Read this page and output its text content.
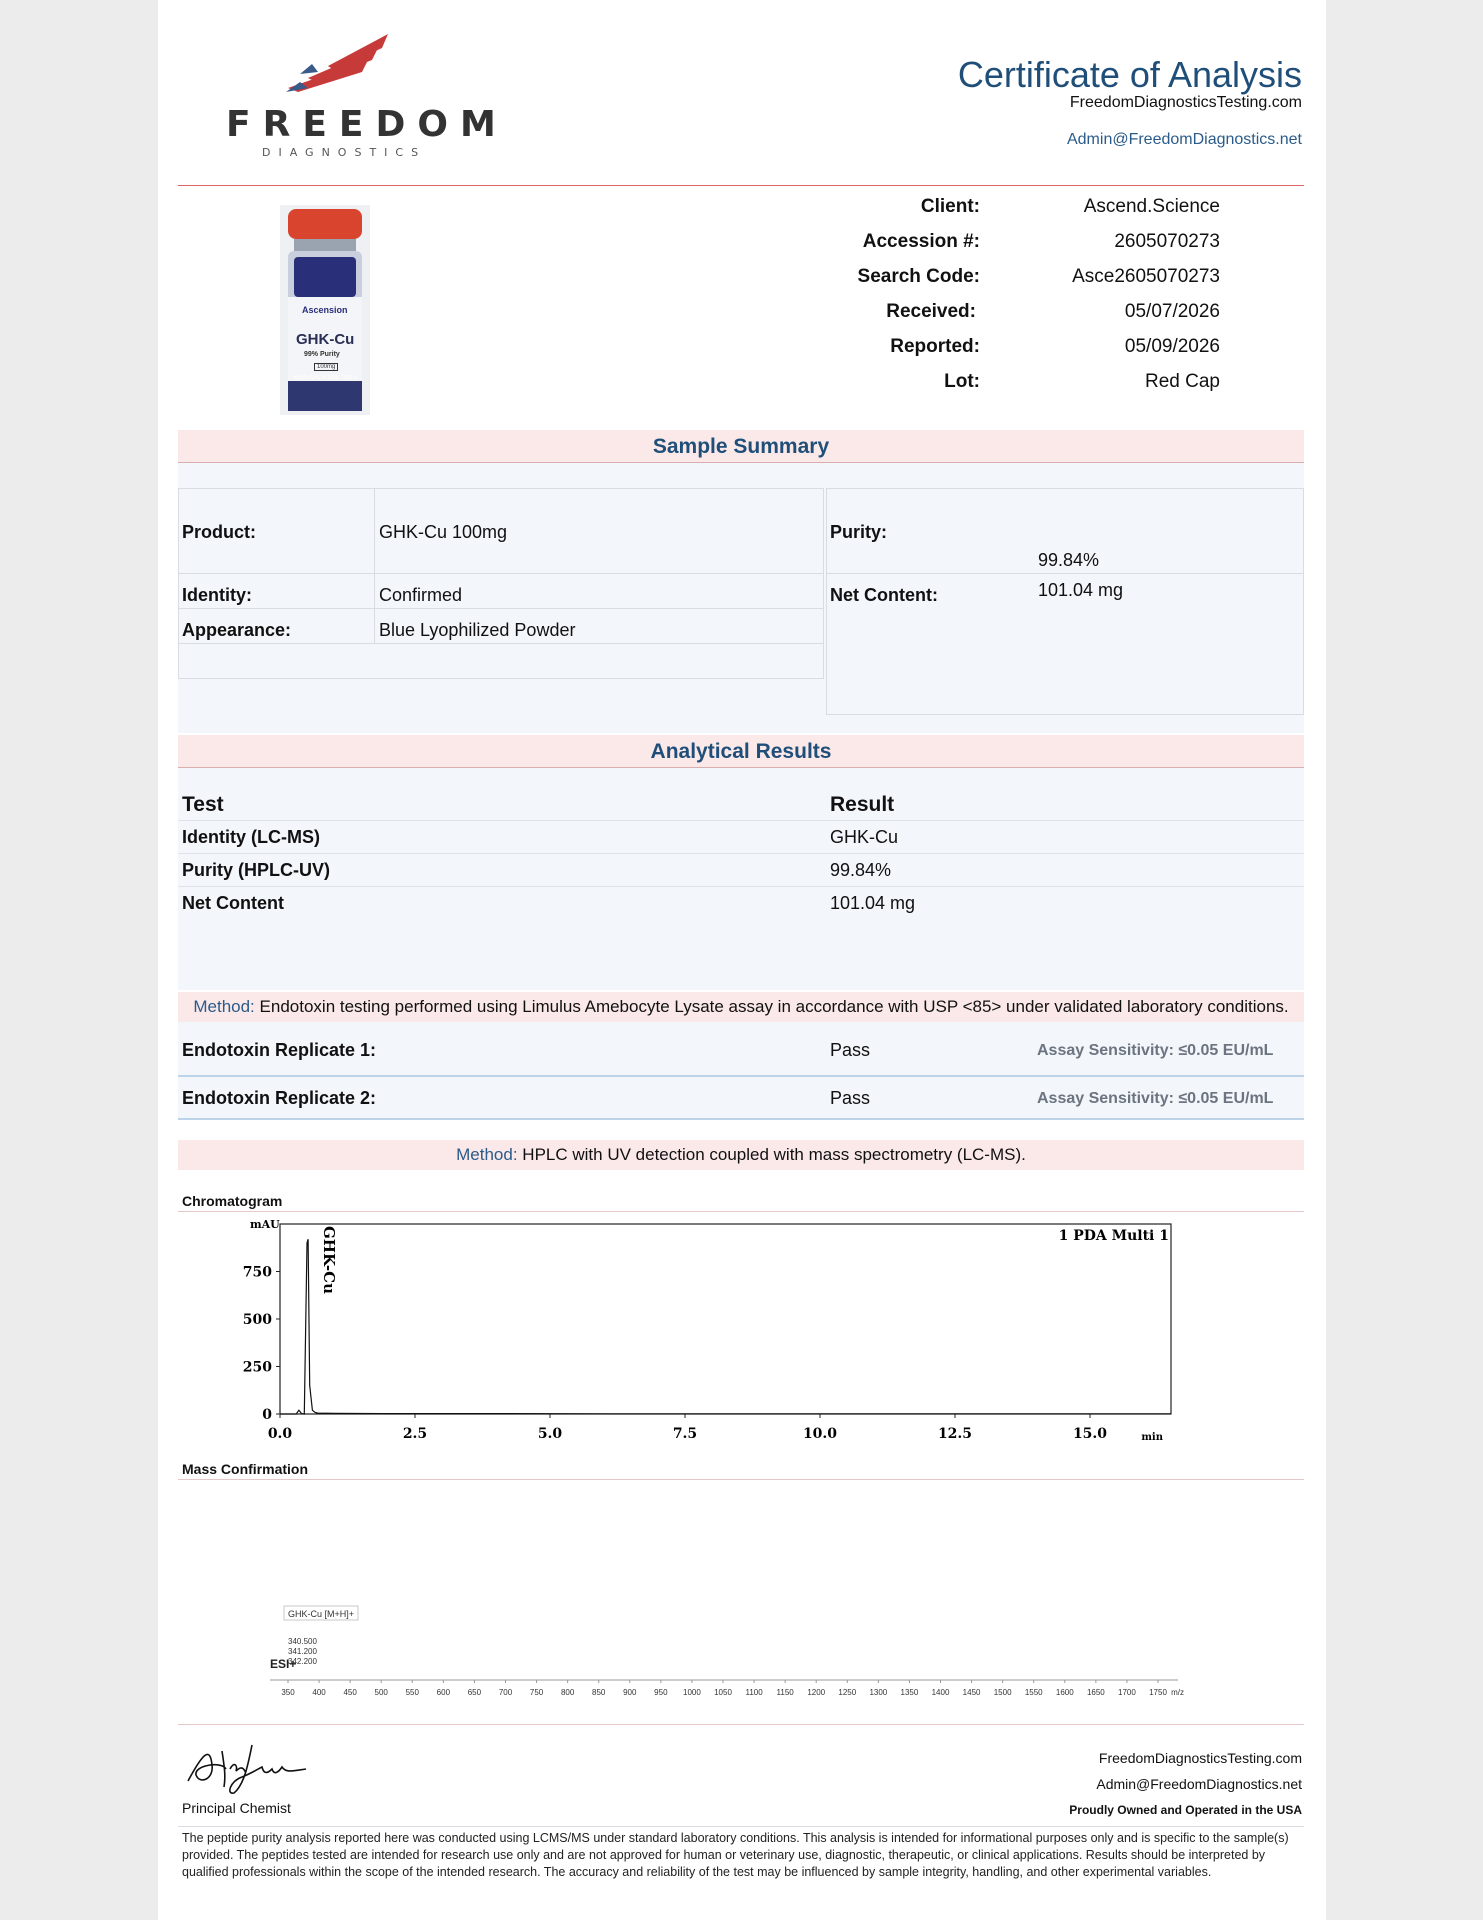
FREEDOM
DIAGNOSTICS
Certificate of Analysis
FreedomDiagnosticsTesting.com
Admin@FreedomDiagnostics.net
Ascension
GHK-Cu
99% Purity
100mg
RESEARCH USE ONLY
Client:	Ascend.Science
Accession #:	2605070273
Search Code:	Asce2605070273
Received:	05/07/2026
Reported:	05/09/2026
Lot:	Red Cap
Sample Summary
Product:	GHK-Cu 100mg
Identity:	Confirmed
Appearance:	Blue Lyophilized Powder
Purity:
99.84%
Net Content:	101.04 mg
Analytical Results
Test	Result
Identity (LC-MS)	GHK-Cu
Purity (HPLC-UV)	99.84%
Net Content	101.04 mg
Method: Endotoxin testing performed using Limulus Amebocyte Lysate assay in accordance with USP <85> under validated laboratory conditions.
Endotoxin Replicate 1:	Pass	Assay Sensitivity: ≤0.05 EU/mL
Endotoxin Replicate 2:	Pass	Assay Sensitivity: ≤0.05 EU/mL
Method: HPLC with UV detection coupled with mass spectrometry (LC-MS).
Chromatogram
mAU
min
1 PDA Multi 1
0
250
500
750
0.0	2.5	5.0	7.5	10.0	12.5	15.0
GHK-Cu
Mass Confirmation
350 400 450 500 550 600 650 700 750 800 850 900 950 1000 1050 1100 1150 1200 1250 1300 1350 1400 1450 1500 1550 1600 1650 1700 1750 m/z
GHK-Cu [M+H]+
340.500
341.200
342.200
ESI+
Principal Chemist
FreedomDiagnosticsTesting.com
Admin@FreedomDiagnostics.net
Proudly Owned and Operated in the USA
The peptide purity analysis reported here was conducted using LCMS/MS under standard laboratory conditions. This analysis is intended for informational purposes only and is specific to the sample(s) provided. The peptides tested are intended for research use only and are not approved for human or veterinary use, diagnostic, therapeutic, or clinical applications. Results should be interpreted by qualified professionals within the scope of the intended research. The accuracy and reliability of the test may be influenced by sample integrity, handling, and other experimental variables.
